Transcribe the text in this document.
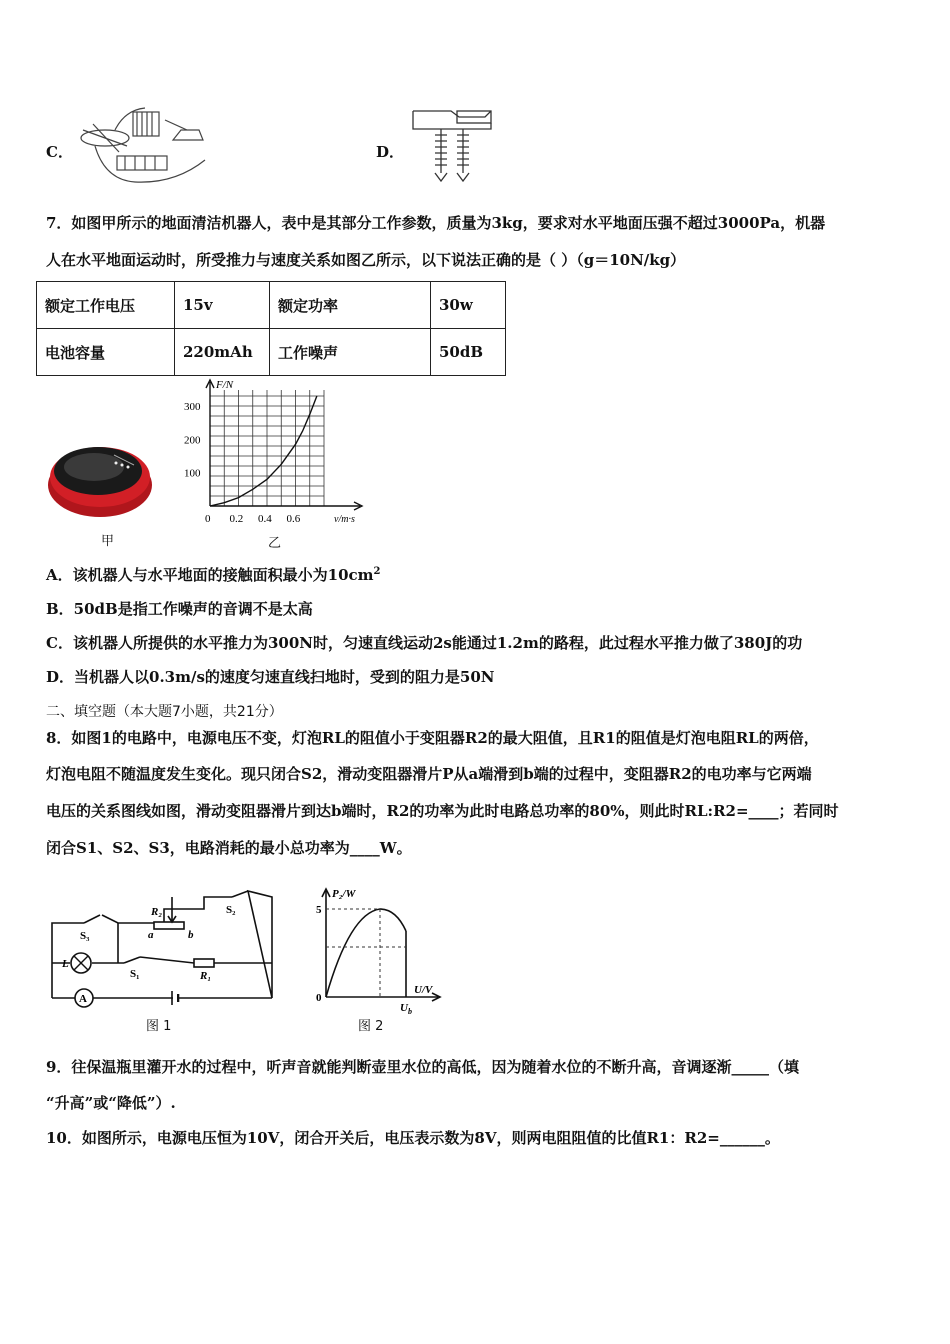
C．	D．
7．如图甲所示的地面清洁机器人，表中是其部分工作参数，质量为3kg，要求对水平地面压强不超过3000Pa，机器
人在水平地面运动时，所受推力与速度关系如图乙所示，以下说法正确的是（ ）（g＝10N/kg）
额定工作电压	15v	额定功率	30w
电池容量	220mAh	工作噪声	50dB
甲
0 0.2 0.4 0.6
100
200
300
F/N
v/m·s
乙
A．该机器人与水平地面的接触面积最小为$10cm^2$
B．50dB是指工作噪声的音调不是太高
C．该机器人所提供的水平推力为300N时，匀速直线运动2s能通过1.2m的路程，此过程水平推力做了380J的功
D．当机器人以0.3m/s的速度匀速直线扫地时，受到的阻力是50N
二、填空题（本大题7小题，共21分）
8．如图1的电路中，电源电压不变，灯泡RL的阻值小于变阻器R2的最大阻值，且R1的阻值是灯泡电阻RL的两倍，
灯泡电阻不随温度发生变化。现只闭合S2，滑动变阻器滑片P从a端滑到b端的过程中，变阻器R2的电功率与它两端
电压的关系图线如图，滑动变阻器滑片到达b端时，R2的功率为此时电路总功率的80%，则此时RL:R2=____；若同时
闭合S1、S2、S3，电路消耗的最小总功率为____W。
R₂
a	b
S₂
S₃
S₁	R₁
L
A
图 1
P₂/W
5
0
U/V
$U_b$
图 2
9．往保温瓶里灌开水的过程中，听声音就能判断壶里水位的高低，因为随着水位的不断升高，音调逐渐_____（填
“升高”或“降低”）.
10．如图所示，电源电压恒为10V，闭合开关后，电压表示数为8V，则两电阻阻值的比值R1：R2=______。
